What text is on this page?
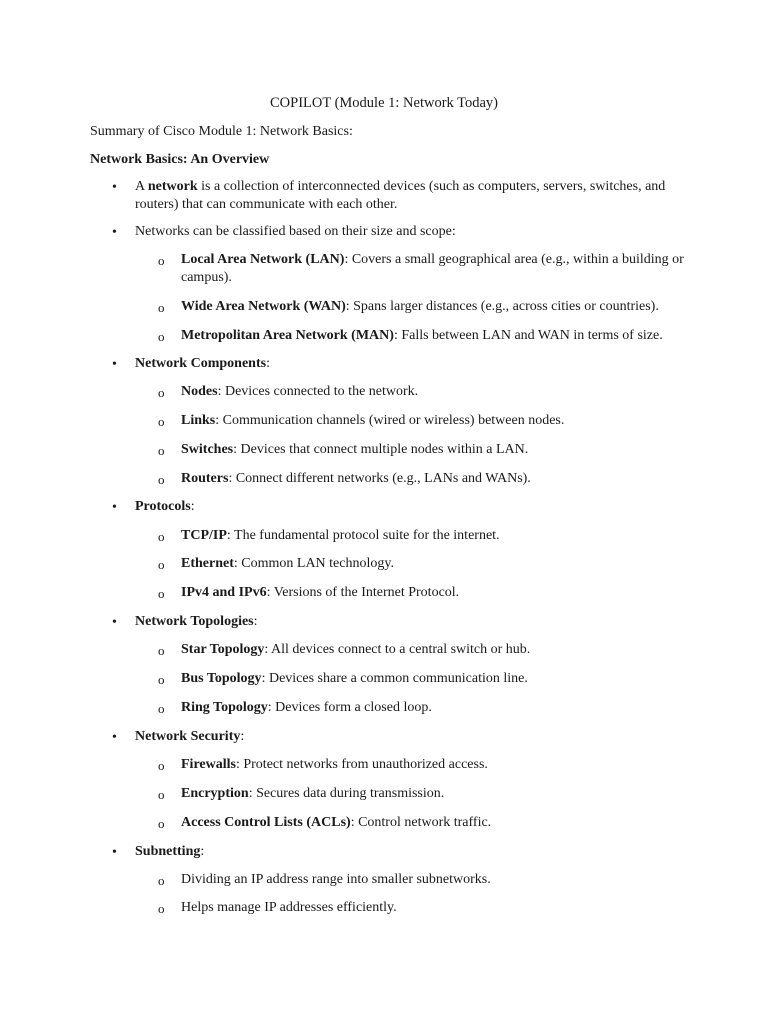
COPILOT (Module 1: Network Today)
Summary of Cisco Module 1: Network Basics:
Network Basics: An Overview
• A network is a collection of interconnected devices (such as computers, servers, switches, and routers) that can communicate with each other.
• Networks can be classified based on their size and scope:
o Local Area Network (LAN): Covers a small geographical area (e.g., within a building or campus).
o Wide Area Network (WAN): Spans larger distances (e.g., across cities or countries).
o Metropolitan Area Network (MAN): Falls between LAN and WAN in terms of size.
• Network Components:
o Nodes: Devices connected to the network.
o Links: Communication channels (wired or wireless) between nodes.
o Switches: Devices that connect multiple nodes within a LAN.
o Routers: Connect different networks (e.g., LANs and WANs).
• Protocols:
o TCP/IP: The fundamental protocol suite for the internet.
o Ethernet: Common LAN technology.
o IPv4 and IPv6: Versions of the Internet Protocol.
• Network Topologies:
o Star Topology: All devices connect to a central switch or hub.
o Bus Topology: Devices share a common communication line.
o Ring Topology: Devices form a closed loop.
• Network Security:
o Firewalls: Protect networks from unauthorized access.
o Encryption: Secures data during transmission.
o Access Control Lists (ACLs): Control network traffic.
• Subnetting:
o Dividing an IP address range into smaller subnetworks.
o Helps manage IP addresses efficiently.
